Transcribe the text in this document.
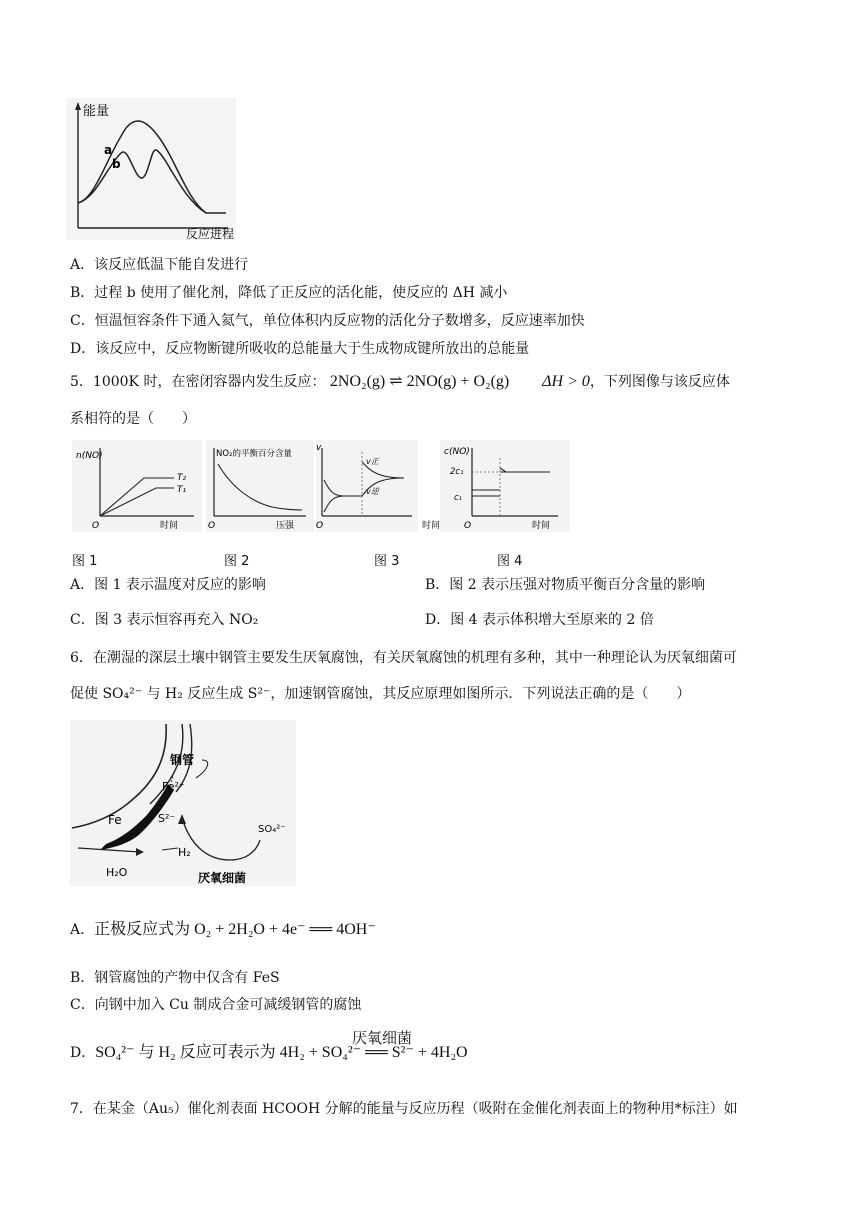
能量
反应进程
a
b
A．该反应低温下能自发进行
B．过程 b 使用了催化剂，降低了正反应的活化能，使反应的 ΔH 减小
C．恒温恒容条件下通入氦气，单位体积内反应物的活化分子数增多，反应速率加快
D．该反应中，反应物断键所吸收的总能量大于生成物成键所放出的总能量
5．1000K 时，在密闭容器内发生反应： 2NO₂(g) ⇌ 2NO(g) + O₂(g) ΔH > 0，下列图像与该反应体
系相符的是（　　）
n(NO)
O	时间
T₂
T₁
NO₂的平衡百分含量
O	压强
v
O	时间
v正
v逆
c(NO)
O	时间
2c₁
c₁
图 1	图 2	图 3	图 4
A．图 1 表示温度对反应的影响	B．图 2 表示压强对物质平衡百分含量的影响
C．图 3 表示恒容再充入 NO₂	D．图 4 表示体积增大至原来的 2 倍
6．在潮湿的深层土壤中钢管主要发生厌氧腐蚀，有关厌氧腐蚀的机理有多种，其中一种理论认为厌氧细菌可
促使 SO₄²⁻ 与 H₂ 反应生成 S²⁻，加速钢管腐蚀，其反应原理如图所示．下列说法正确的是（　　）
钢管
Fe²⁺
Fe	S²⁻
H₂
SO₄²⁻
H₂O	厌氧细菌
A．正极反应式为 O₂ + 2H₂O + 4e⁻ ══ 4OH⁻
B．钢管腐蚀的产物中仅含有 FeS
C．向钢中加入 Cu 制成合金可减缓钢管的腐蚀
厌氧细菌
D．SO₄²⁻ 与 H₂ 反应可表示为 4H₂ + SO₄²⁻ ══ S²⁻ + 4H₂O
7．在某金（Au₅）催化剂表面 HCOOH 分解的能量与反应历程（吸附在金催化剂表面上的物种用*标注）如
